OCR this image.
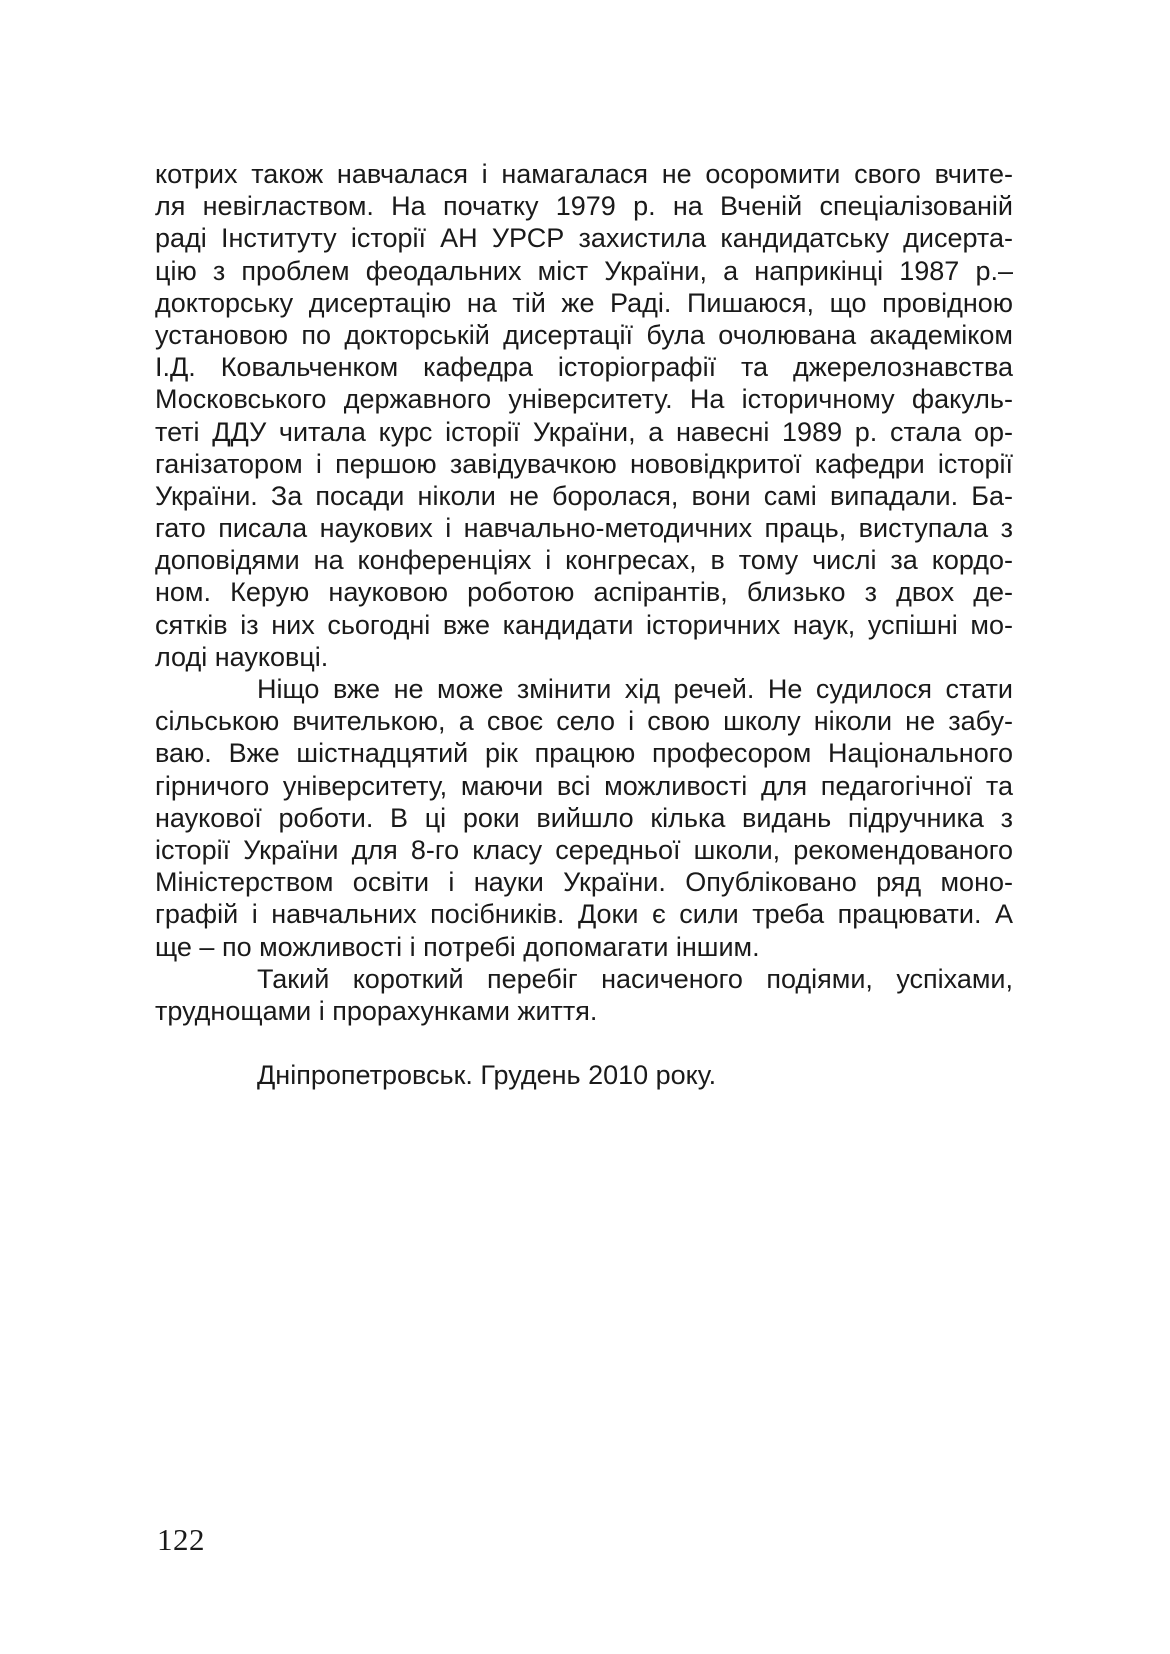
котрих також навчалася і намагалася не осоромити свого вчите-
ля невіглаством. На початку 1979 р. на Вченій спеціалізованій
раді Інституту історії АН УРСР захистила кандидатську дисерта-
цію з проблем феодальних міст України, а наприкінці 1987 р.–
докторську дисертацію на тій же Раді. Пишаюся, що провідною
установою по докторській дисертації була очолювана академіком
І.Д. Ковальченком кафедра історіографії та джерелознавства
Московського державного університету. На історичному факуль-
теті ДДУ читала курс історії України, а навесні 1989 р. стала ор-
ганізатором і першою завідувачкою нововідкритої кафедри історії
України. За посади ніколи не боролася, вони самі випадали. Ба-
гато писала наукових і навчально-методичних праць, виступала з
доповідями на конференціях і конгресах, в тому числі за кордо-
ном. Керую науковою роботою аспірантів, близько з двох де-
сятків із них сьогодні вже кандидати історичних наук, успішні мо-
лоді науковці.
Ніщо вже не може змінити хід речей. Не судилося стати
сільською вчителькою, а своє село і свою школу ніколи не забу-
ваю. Вже шістнадцятий рік працюю професором Національного
гірничого університету, маючи всі можливості для педагогічної та
наукової роботи. В ці роки вийшло кілька видань підручника з
історії України для 8-го класу середньої школи, рекомендованого
Міністерством освіти і науки України. Опубліковано ряд моно-
графій і навчальних посібників. Доки є сили треба працювати. А
ще – по можливості і потребі допомагати іншим.
Такий короткий перебіг насиченого подіями, успіхами,
труднощами і прорахунками життя.
Дніпропетровськ. Грудень 2010 року.
122
